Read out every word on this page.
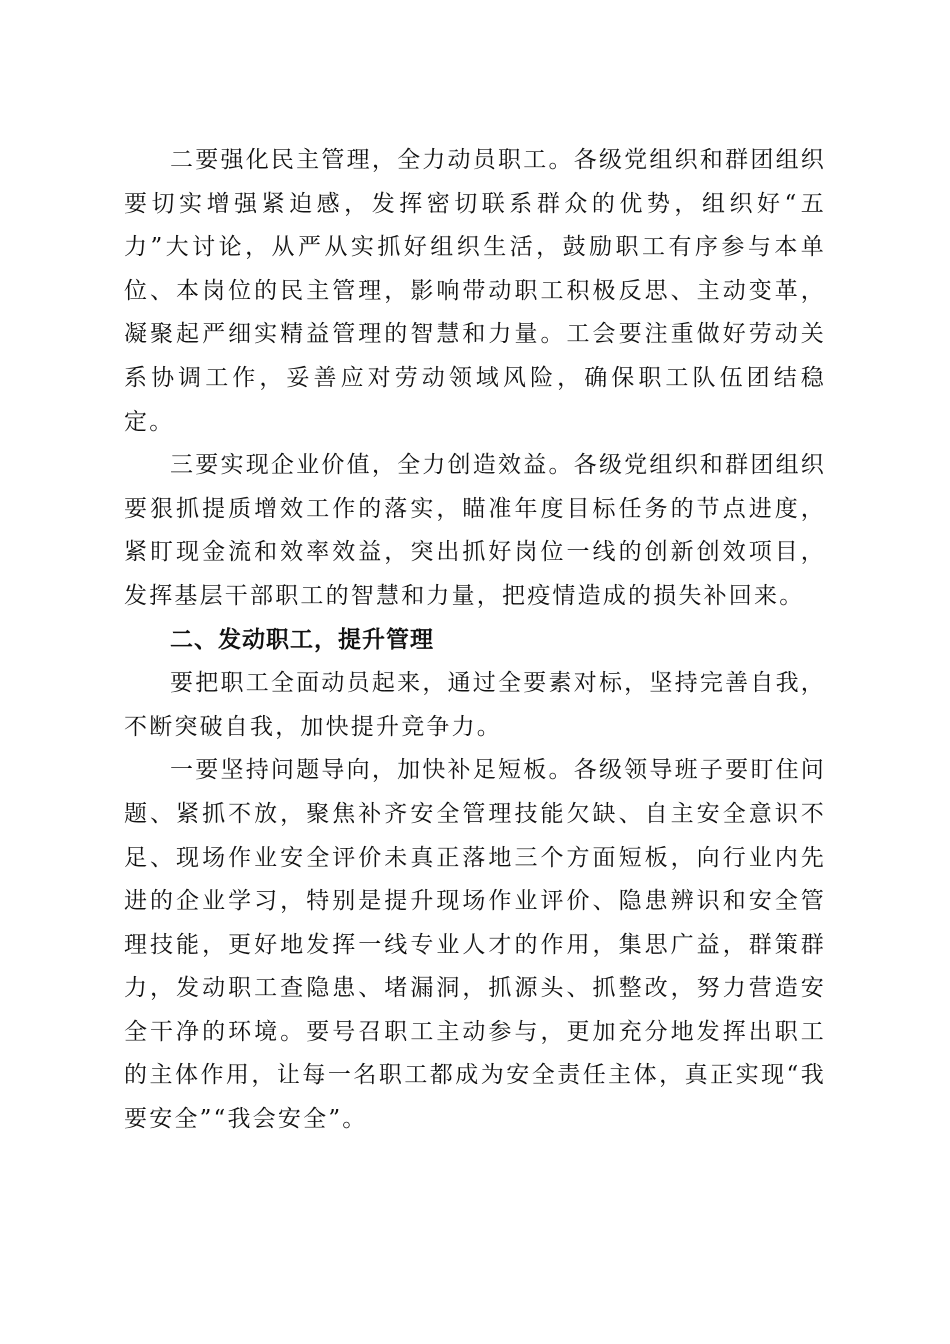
二要强化民主管理，全力动员职工。各级党组织和群团组织要切实增强紧迫感，发挥密切联系群众的优势，组织好“五力”大讨论，从严从实抓好组织生活，鼓励职工有序参与本单位、本岗位的民主管理，影响带动职工积极反思、主动变革，凝聚起严细实精益管理的智慧和力量。工会要注重做好劳动关系协调工作，妥善应对劳动领域风险，确保职工队伍团结稳定。

三要实现企业价值，全力创造效益。各级党组织和群团组织要狠抓提质增效工作的落实，瞄准年度目标任务的节点进度，紧盯现金流和效率效益，突出抓好岗位一线的创新创效项目，发挥基层干部职工的智慧和力量，把疫情造成的损失补回来。

二、发动职工，提升管理

要把职工全面动员起来，通过全要素对标，坚持完善自我，不断突破自我，加快提升竞争力。

一要坚持问题导向，加快补足短板。各级领导班子要盯住问题、紧抓不放，聚焦补齐安全管理技能欠缺、自主安全意识不足、现场作业安全评价未真正落地三个方面短板，向行业内先进的企业学习，特别是提升现场作业评价、隐患辨识和安全管理技能，更好地发挥一线专业人才的作用，集思广益，群策群力，发动职工查隐患、堵漏洞，抓源头、抓整改，努力营造安全干净的环境。要号召职工主动参与，更加充分地发挥出职工的主体作用，让每一名职工都成为安全责任主体，真正实现“我要安全”“我会安全”。
